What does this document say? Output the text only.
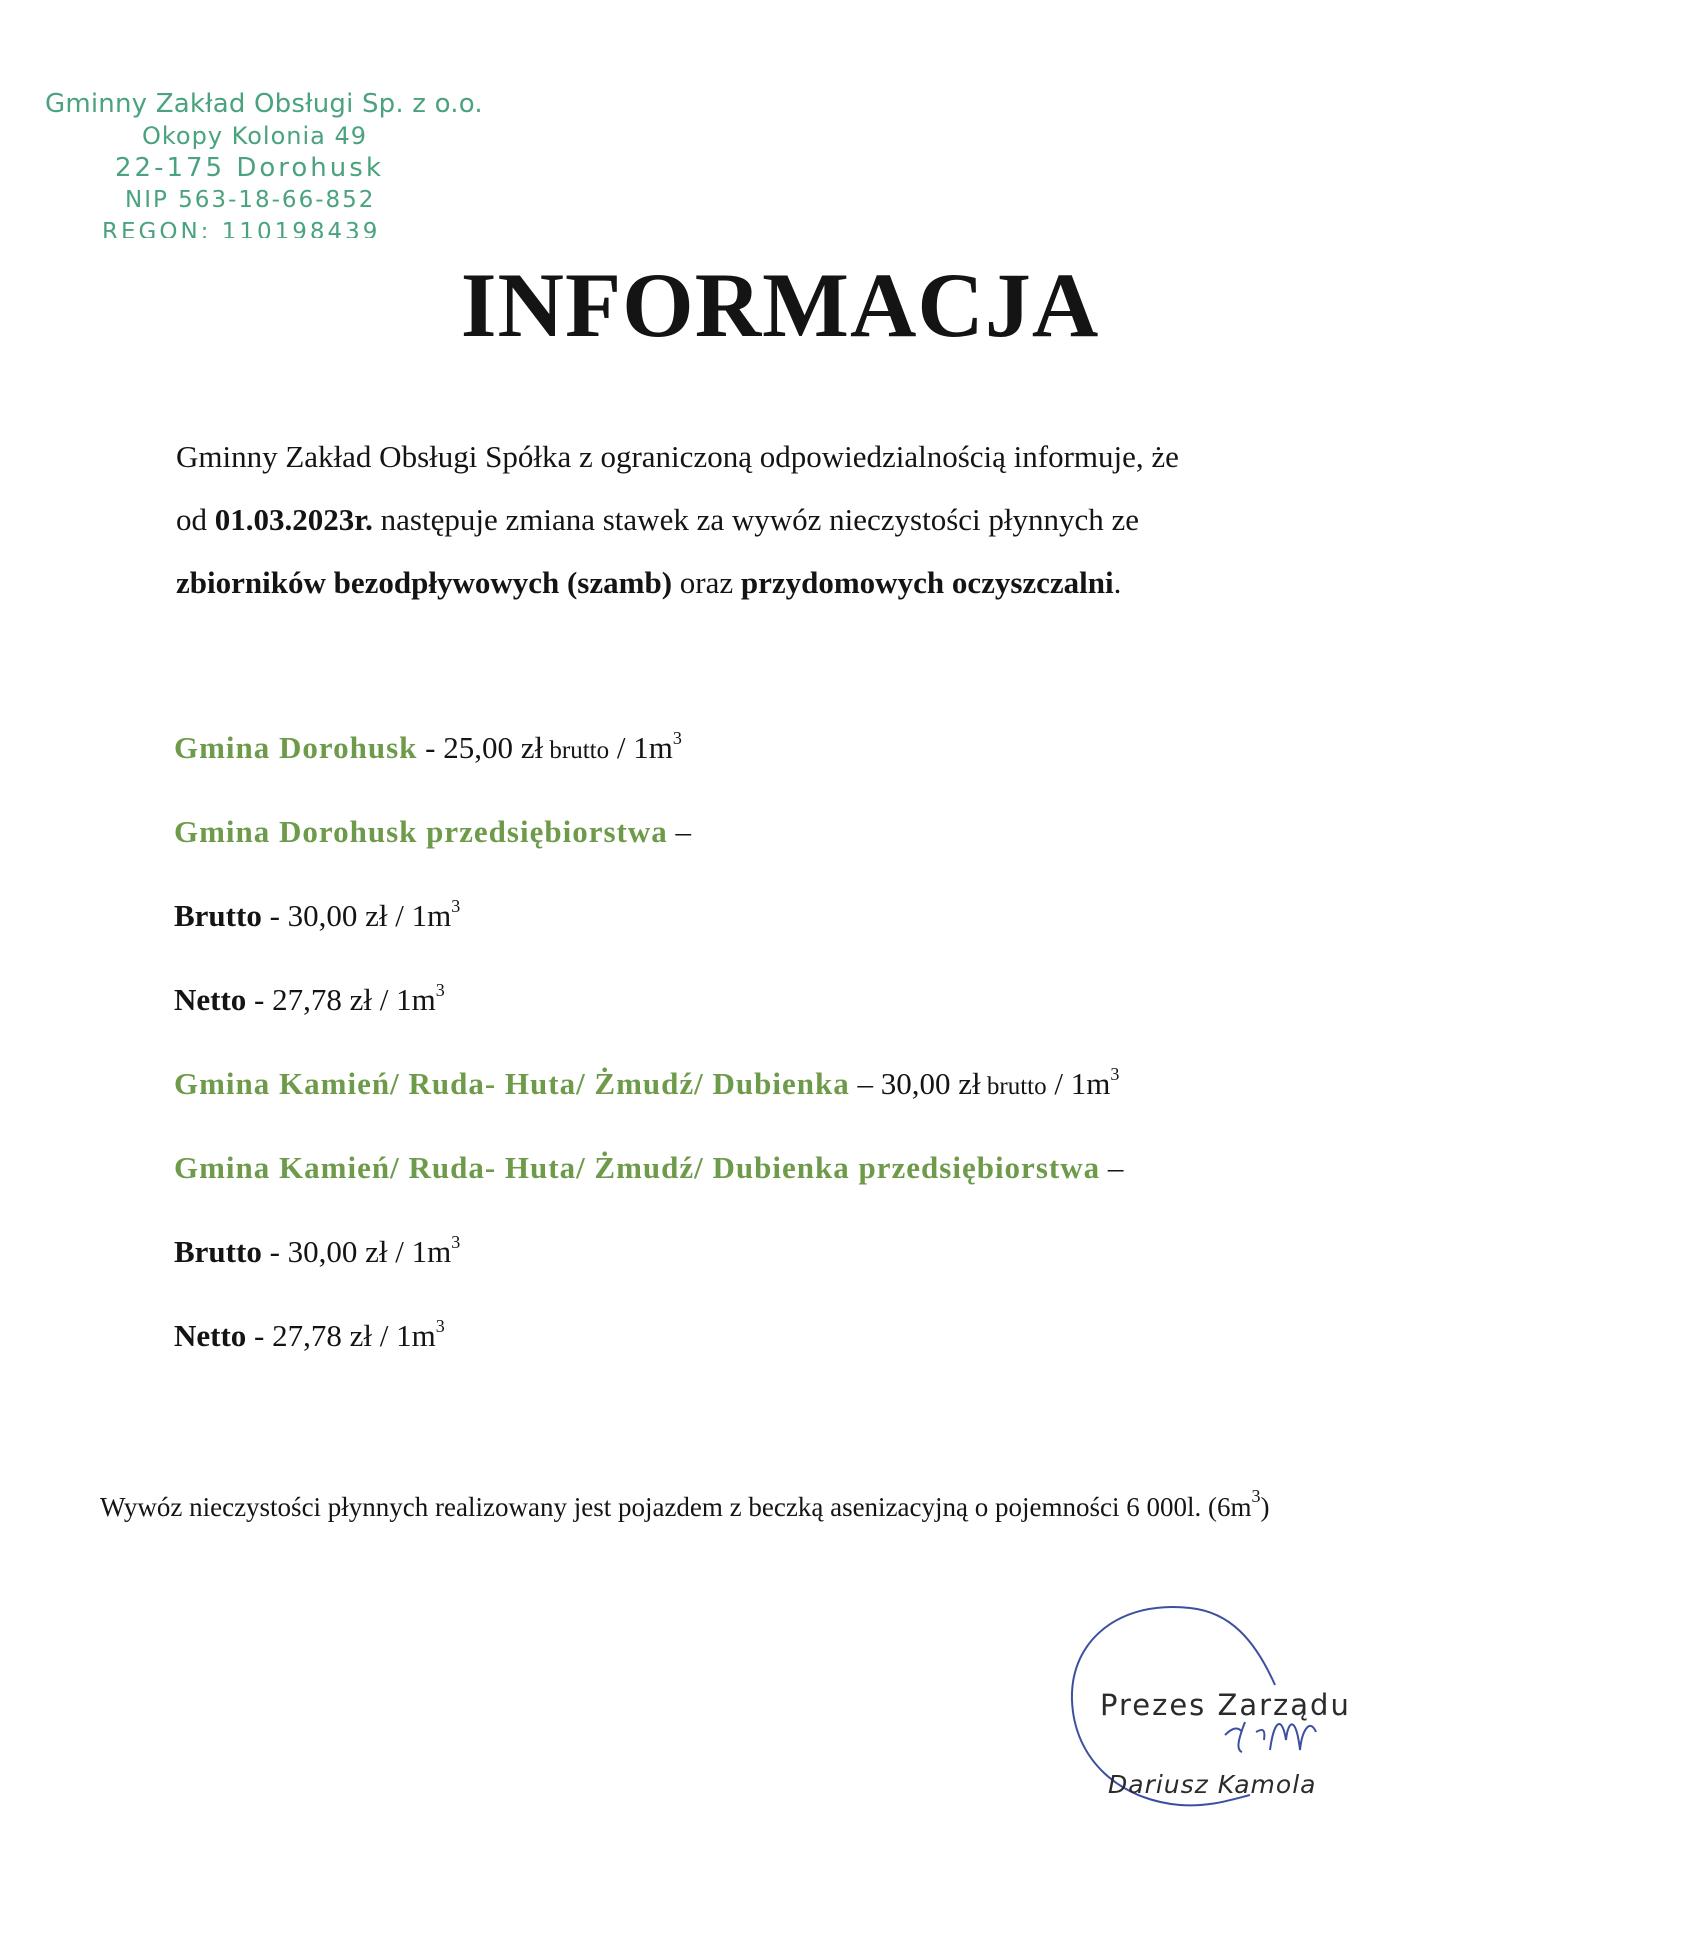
Gminny Zakład Obsługi Sp. z o.o.
Okopy Kolonia 49
22-175 Dorohusk
NIP 563-18-66-852
REGON: 110198439
INFORMACJA
Gminny Zakład Obsługi Spółka z ograniczoną odpowiedzialnością informuje, że
od 01.03.2023r. następuje zmiana stawek za wywóz nieczystości płynnych ze
zbiorników bezodpływowych (szamb) oraz przydomowych oczyszczalni.
Gmina Dorohusk - 25,00 zł brutto / $1m^3$
Gmina Dorohusk przedsiębiorstwa –
Brutto - 30,00 zł / $1m^3$
Netto - 27,78 zł / $1m^3$
Gmina Kamień/ Ruda- Huta/ Żmudź/ Dubienka – 30,00 zł brutto / $1m^3$
Gmina Kamień/ Ruda- Huta/ Żmudź/ Dubienka przedsiębiorstwa –
Brutto - 30,00 zł / $1m^3$
Netto - 27,78 zł / $1m^3$
Wywóz nieczystości płynnych realizowany jest pojazdem z beczką asenizacyjną o pojemności 6 000l. $(6m^3)$
Prezes Zarządu
Dariusz Kamola
